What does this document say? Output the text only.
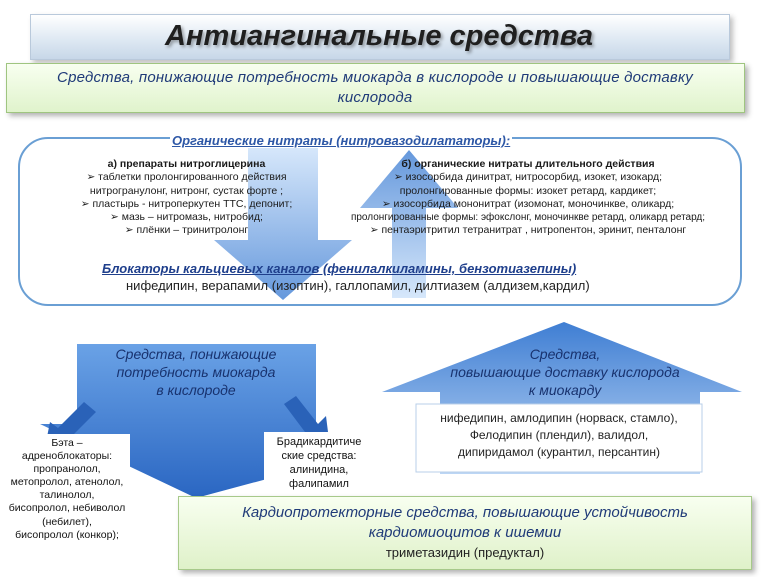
Антиангинальные средства
Средства, понижающие потребность миокарда в кислороде и повышающие доставку кислорода
Органические нитраты (нитровазодилататоры):
а) препараты нитроглицерина
➢ таблетки пролонгированного действия
нитрогранулонг, нитронг, сустак форте ;
➢ пластырь - нитроперкутен ТТС, депонит;
➢ мазь – нитромазь, нитробид;
➢ плёнки – тринитролонг
б) органические нитраты длительного действия
➢ изосорбида динитрат, нитросорбид, изокет, изокард;
пролонгированные формы: изокет ретард, кардикет;
➢ изосорбида мононитрат (изомонат, моночинкве, оликард;
пролонгированные формы: эфокслонг, моночинкве ретард, оликард ретард;
➢ пентаэритритил тетранитрат , нитропентон, эринит, пенталонг
Блокаторы кальциевых каналов (фенилалкиламины, бензотиазепины)
нифедипин, верапамил (изоптин), галлопамил, дилтиазем (алдизем,кардил)
Средства, понижающие
потребность миокарда
в кислороде
Бэта –
адреноблокаторы:
пропранолол,
метопролол, атенолол,
талинолол,
бисопролол, небиволол
(небилет),
бисопролол (конкор);
Брадикардитиче
ские средства:
алинидина,
фалипамил
Средства,
повышающие доставку кислорода
к миокарду
нифедипин, амлодипин (норваск, стамло),
Фелодипин (плендил), валидол,
дипиридамол (курантил, персантин)
Кардиопротекторные средства, повышающие устойчивость кардиомиоцитов к ишемии
триметазидин (предуктал)
